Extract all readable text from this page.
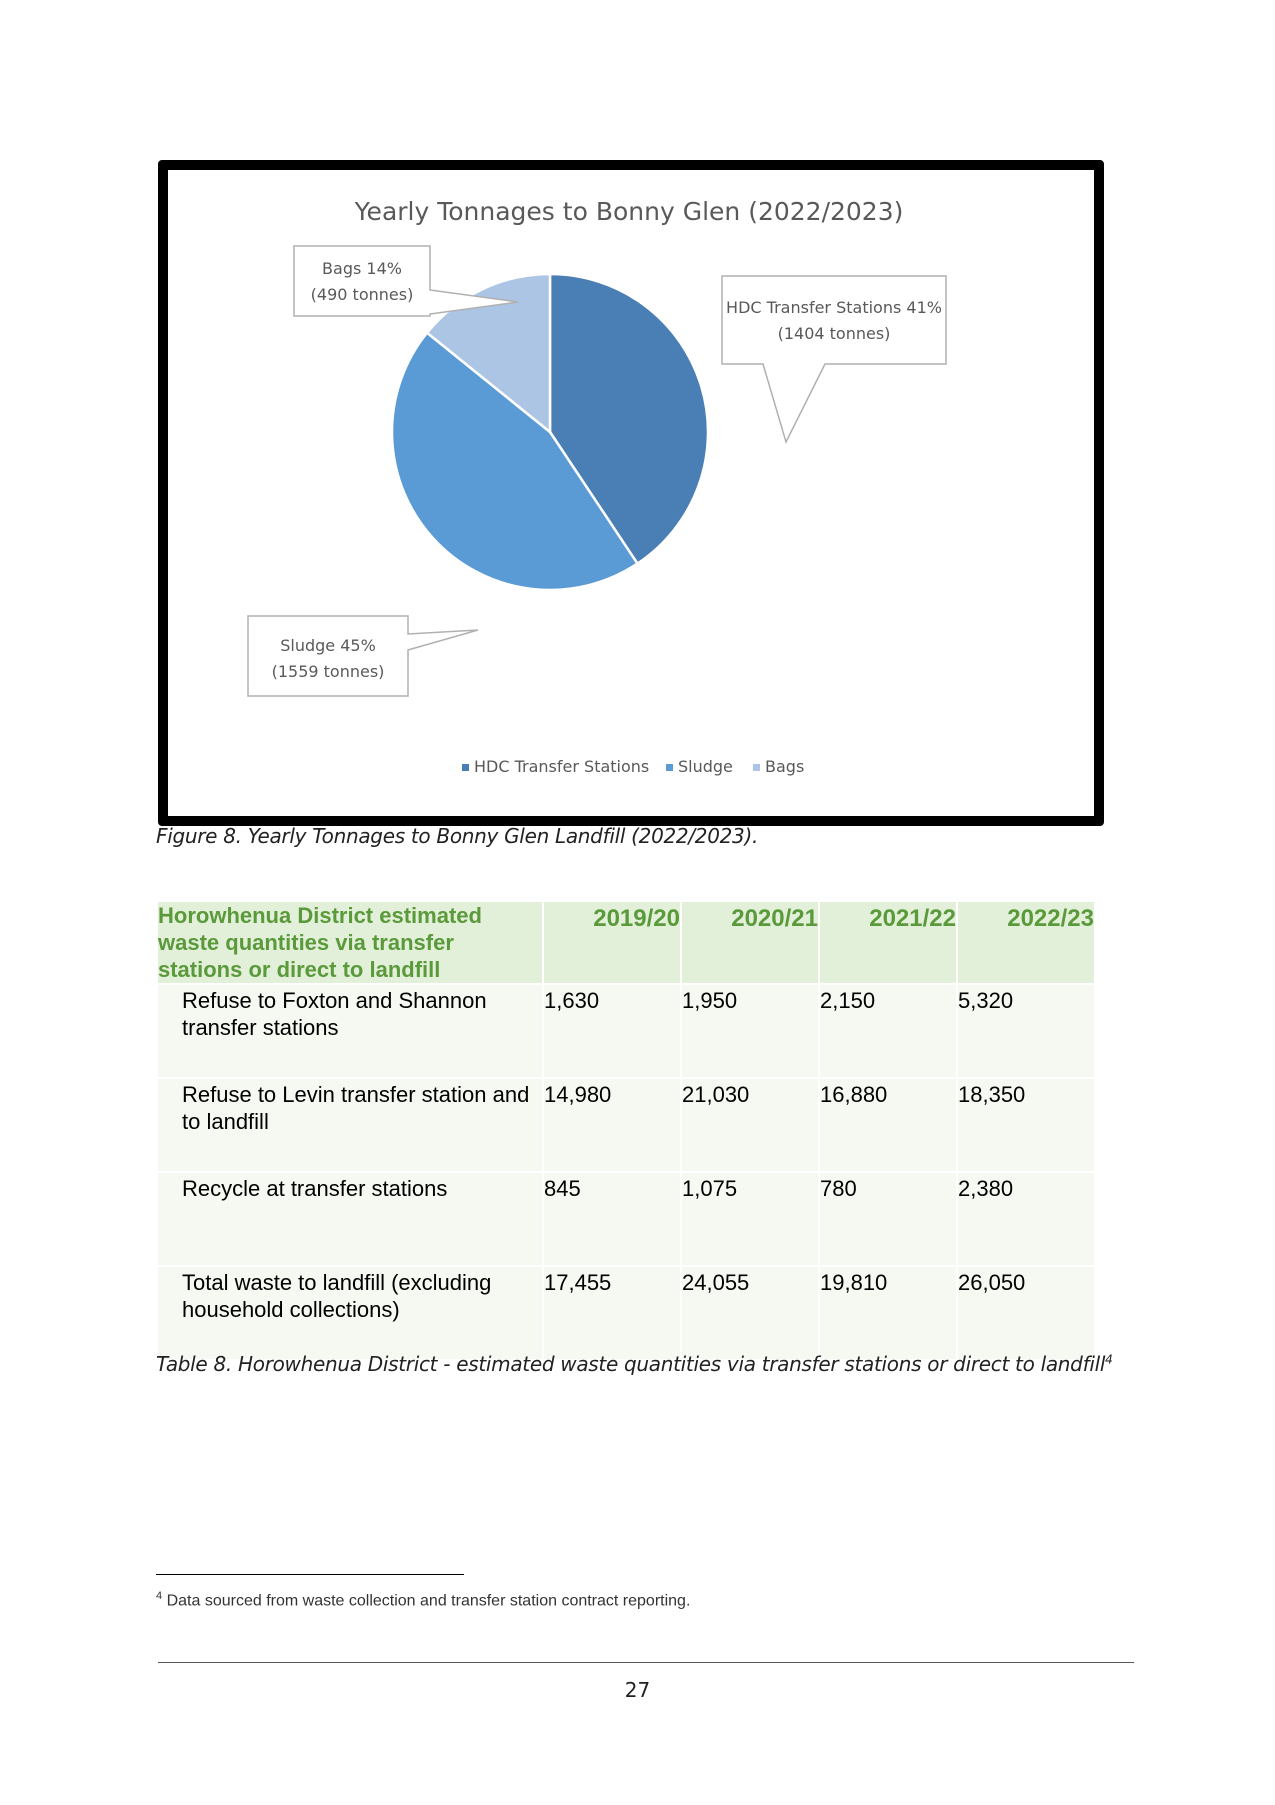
Yearly Tonnages to Bonny Glen (2022/2023)
HDC Transfer Stations 41%
(1404 tonnes)
Bags 14%
(490 tonnes)
Sludge 45%
(1559 tonnes)
HDC Transfer Stations Sludge Bags
Figure 8. Yearly Tonnages to Bonny Glen Landfill (2022/2023).
Horowhenua District estimated waste quantities via transfer stations or direct to landfill	2019/20	2020/21	2021/22	2022/23
Refuse to Foxton and Shannon transfer stations	1,630	1,950	2,150	5,320
Refuse to Levin transfer station and to landfill	14,980	21,030	16,880	18,350
Recycle at transfer stations	845	1,075	780	2,380
Total waste to landfill (excluding household collections)	17,455	24,055	19,810	26,050
Table 8. Horowhenua District - estimated waste quantities via transfer stations or direct to landfill$^4$
$^4$ Data sourced from waste collection and transfer station contract reporting.
27
